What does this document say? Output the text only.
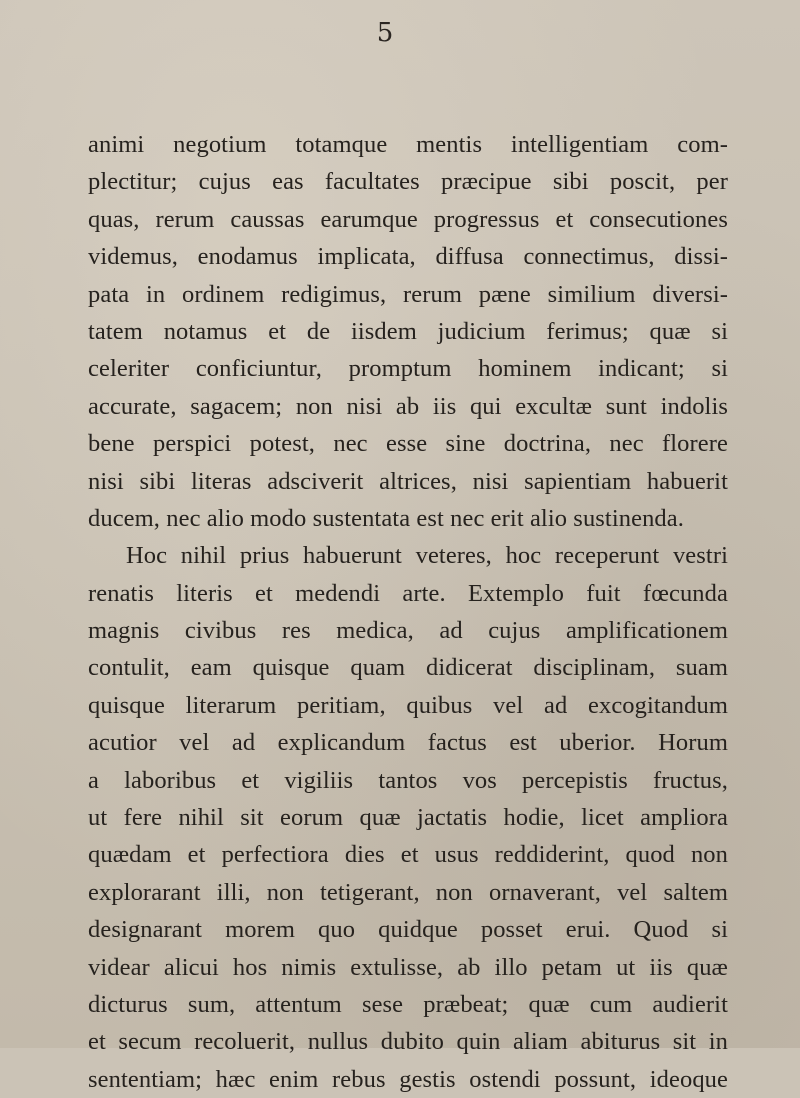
5
animi negotium totamque mentis intelligentiam com-
plectitur; cujus eas facultates præcipue sibi poscit, per
quas, rerum caussas earumque progressus et consecutiones
videmus, enodamus implicata, diffusa connectimus, dissi-
pata in ordinem redigimus, rerum pæne similium diversi-
tatem notamus et de iisdem judicium ferimus; quæ si
celeriter conficiuntur, promptum hominem indicant; si
accurate, sagacem; non nisi ab iis qui excultæ sunt indolis
bene perspici potest, nec esse sine doctrina, nec florere
nisi sibi literas adsciverit altrices, nisi sapientiam habuerit
ducem, nec alio modo sustentata est nec erit alio sustinenda.
Hoc nihil prius habuerunt veteres, hoc receperunt vestri
renatis literis et medendi arte. Extemplo fuit fœcunda
magnis civibus res medica, ad cujus amplificationem
contulit, eam quisque quam didicerat disciplinam, suam
quisque literarum peritiam, quibus vel ad excogitandum
acutior vel ad explicandum factus est uberior. Horum
a laboribus et vigiliis tantos vos percepistis fructus,
ut fere nihil sit eorum quæ jactatis hodie, licet ampliora
quædam et perfectiora dies et usus reddiderint, quod non
explorarant illi, non tetigerant, non ornaverant, vel saltem
designarant morem quo quidque posset erui. Quod si
videar alicui hos nimis extulisse, ab illo petam ut iis quæ
dicturus sum, attentum sese præbeat; quæ cum audierit
et secum recoluerit, nullus dubito quin aliam abiturus sit in
sententiam; hæc enim rebus gestis ostendi possunt, ideoque
